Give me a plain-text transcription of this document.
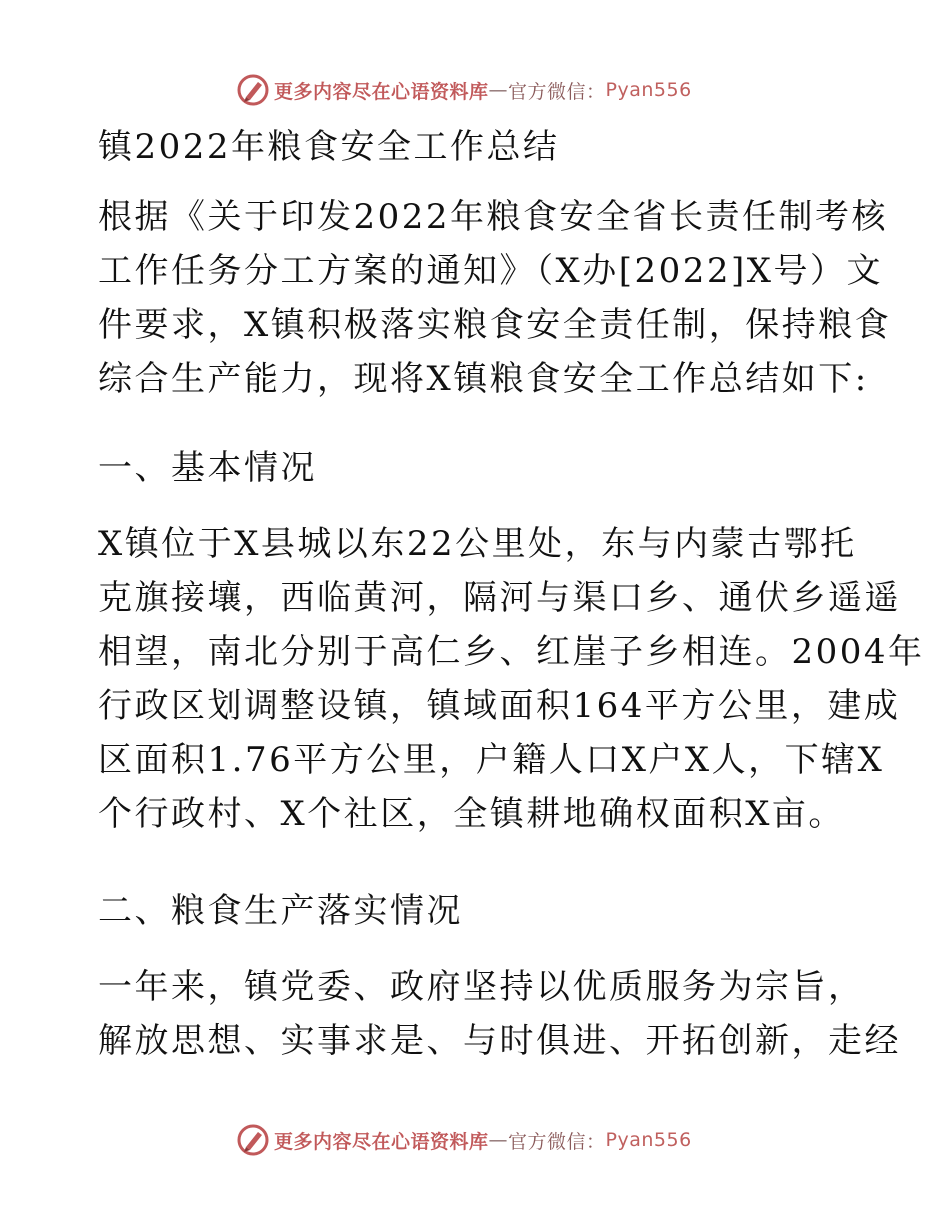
更多内容尽在心语资料库 — 官方微信： Pyan556
镇2022年粮食安全工作总结
根据《关于印发2022年粮食安全省长责任制考核
工作任务分工方案的通知》（X办[2022]X号）文
件要求，X镇积极落实粮食安全责任制，保持粮食
综合生产能力，现将X镇粮食安全工作总结如下:
一、基本情况
X镇位于X县城以东22公里处，东与内蒙古鄂托
克旗接壤，西临黄河，隔河与渠口乡、通伏乡遥遥
相望，南北分别于高仁乡、红崖子乡相连。2004年
行政区划调整设镇，镇域面积164平方公里，建成
区面积1.76平方公里，户籍人口X户X人，下辖X
个行政村、X个社区，全镇耕地确权面积X亩。
二、粮食生产落实情况
一年来，镇党委、政府坚持以优质服务为宗旨，
解放思想、实事求是、与时俱进、开拓创新，走经
更多内容尽在心语资料库 — 官方微信： Pyan556
